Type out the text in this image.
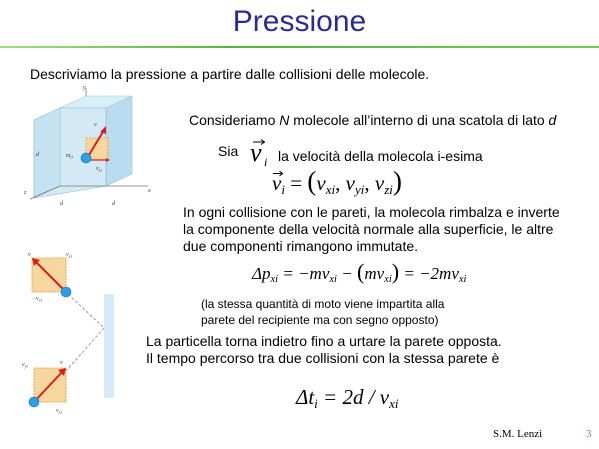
Pressione
Descriviamo la pressione a partire dalle collisioni delle molecole.
Consideriamo N molecole all’interno di una scatola di lato d
Sia v i la velocità della molecola i-esima
$v_i = (v_{xi}$, $v_{yi}$, $v_{zi}$)
In ogni collisione con le pareti, la molecola rimbalza e inverte
la componente della velocità normale alla superficie, le altre
due componenti rimangono immutate.
$\Delta p_{xi} = -mv_{xi} - (mv_{xi}) = -2mv_{xi}$
(la stessa quantità di moto viene impartita alla
parete del recipiente ma con segno opposto)
La particella torna indietro fino a urtare la parete opposta.
Il tempo percorso tra due collisioni con la stessa parete è
$\Delta t_i = 2d / v_{xi}$
y
x
z
d
d	d
v
$v_{xi}$
$m_0$
v	$v_{yi}$
$-v_{xi}$
v
$v_{yi}$
$v_{xi}$
S.M. Lenzi	3
